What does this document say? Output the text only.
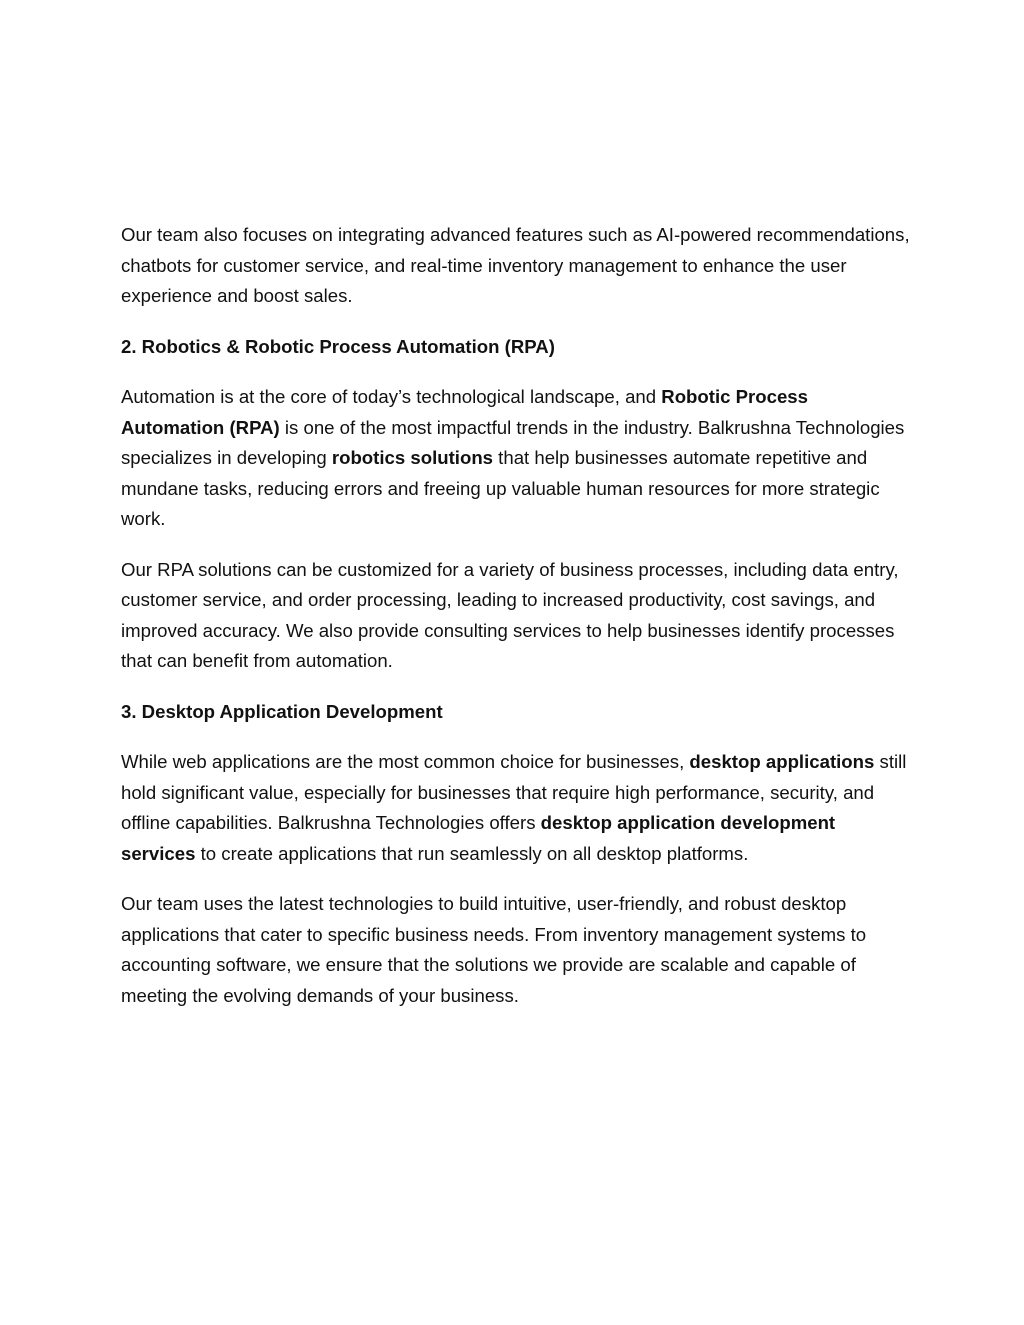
Our team also focuses on integrating advanced features such as AI-powered recommendations, chatbots for customer service, and real-time inventory management to enhance the user experience and boost sales.

2. Robotics & Robotic Process Automation (RPA)

Automation is at the core of today’s technological landscape, and Robotic Process Automation (RPA) is one of the most impactful trends in the industry. Balkrushna Technologies specializes in developing robotics solutions that help businesses automate repetitive and mundane tasks, reducing errors and freeing up valuable human resources for more strategic work.

Our RPA solutions can be customized for a variety of business processes, including data entry, customer service, and order processing, leading to increased productivity, cost savings, and improved accuracy. We also provide consulting services to help businesses identify processes that can benefit from automation.

3. Desktop Application Development

While web applications are the most common choice for businesses, desktop applications still hold significant value, especially for businesses that require high performance, security, and offline capabilities. Balkrushna Technologies offers desktop application development services to create applications that run seamlessly on all desktop platforms.

Our team uses the latest technologies to build intuitive, user-friendly, and robust desktop applications that cater to specific business needs. From inventory management systems to accounting software, we ensure that the solutions we provide are scalable and capable of meeting the evolving demands of your business.
